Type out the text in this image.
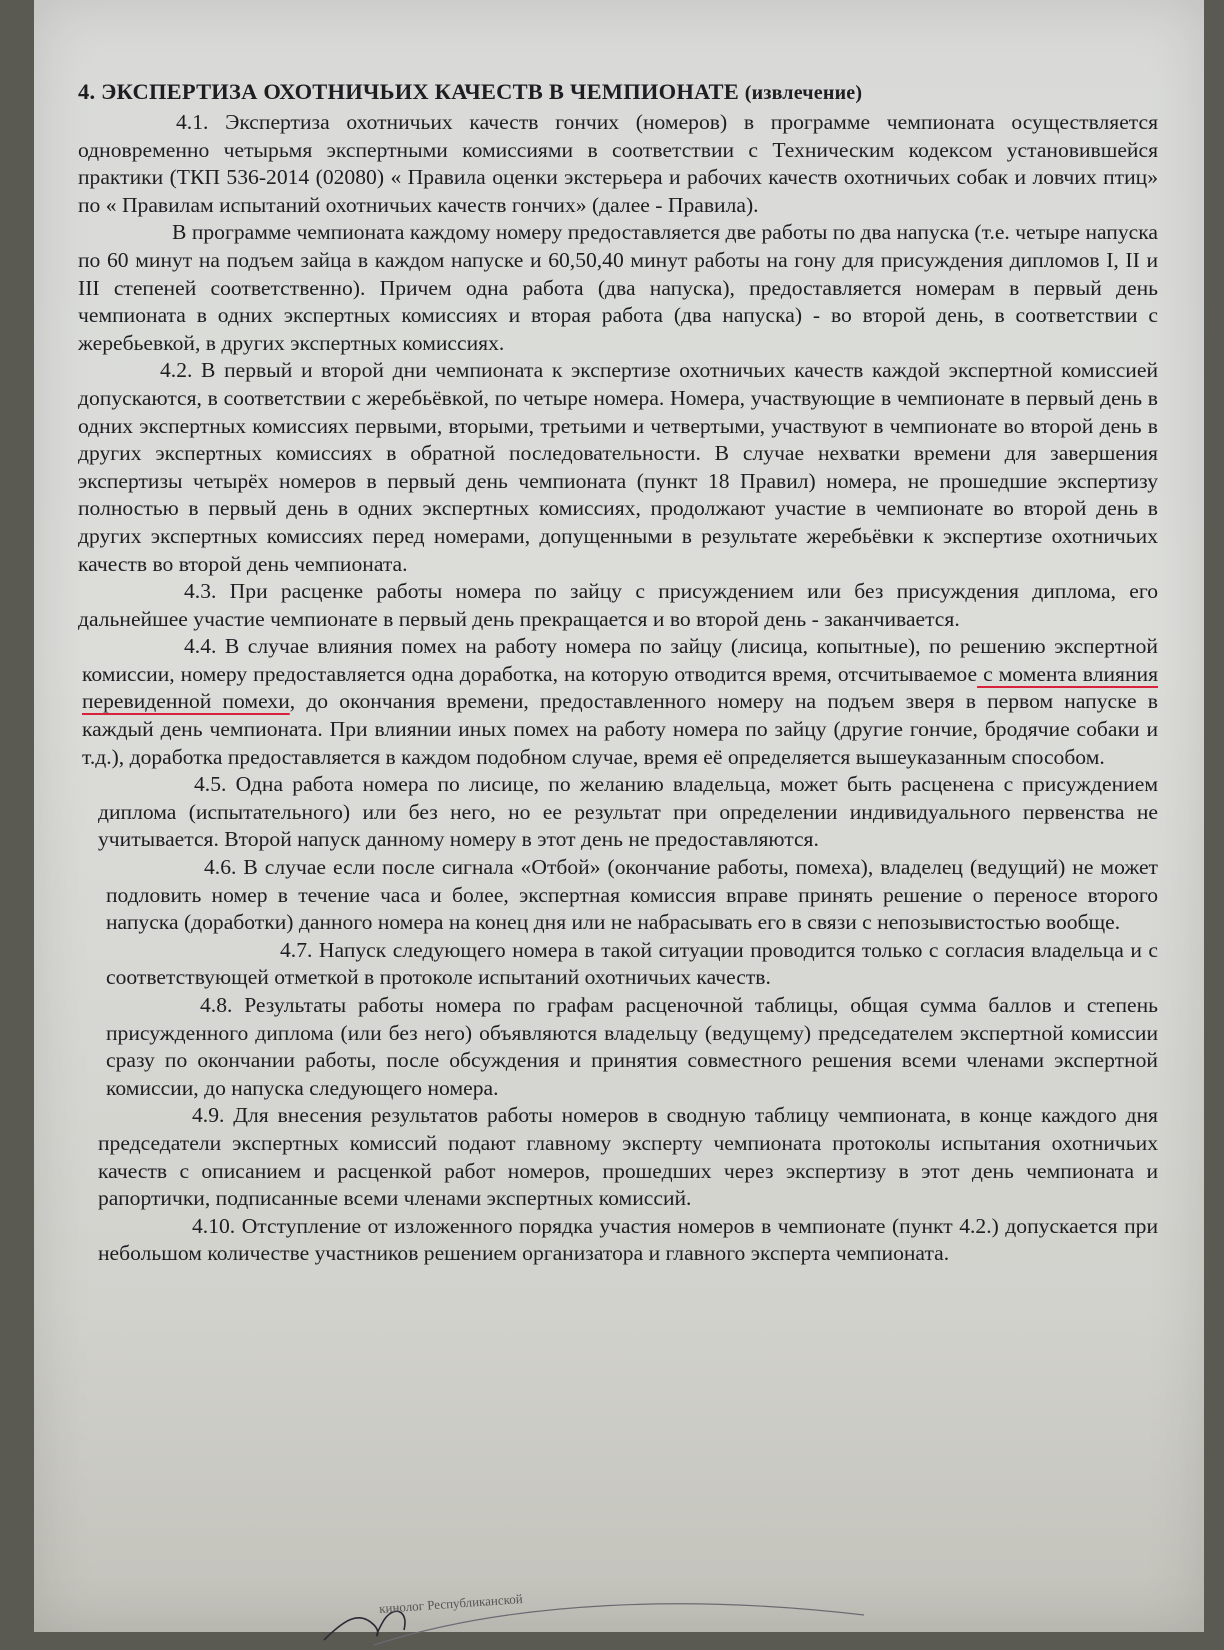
4. ЭКСПЕРТИЗА ОХОТНИЧЬИХ КАЧЕСТВ В ЧЕМПИОНАТЕ (извлечение)

4.1. Экспертиза охотничьих качеств гончих (номеров) в программе чемпионата осуществляется одновременно четырьмя экспертными комиссиями в соответствии с Техническим кодексом установившейся практики (ТКП 536-2014 (02080) « Правила оценки экстерьера и рабочих качеств охотничьих собак и ловчих птиц» по « Правилам испытаний охотничьих качеств гончих» (далее - Правила).

В программе чемпионата каждому номеру предоставляется две работы по два напуска (т.е. четыре напуска по 60 минут на подъем зайца в каждом напуске и 60,50,40 минут работы на гону для присуждения дипломов I, II и III степеней соответственно). Причем одна работа (два напуска), предоставляется номерам в первый день чемпионата в одних экспертных комиссиях и вторая работа (два напуска) - во второй день, в соответствии с жеребьевкой, в других экспертных комиссиях.

4.2. В первый и второй дни чемпионата к экспертизе охотничьих качеств каждой экспертной комиссией допускаются, в соответствии с жеребьёвкой, по четыре номера. Номера, участвующие в чемпионате в первый день в одних экспертных комиссиях первыми, вторыми, третьими и четвертыми, участвуют в чемпионате во второй день в других экспертных комиссиях в обратной последовательности. В случае нехватки времени для завершения экспертизы четырёх номеров в первый день чемпионата (пункт 18 Правил) номера, не прошедшие экспертизу полностью в первый день в одних экспертных комиссиях, продолжают участие в чемпионате во второй день в других экспертных комиссиях перед номерами, допущенными в результате жеребьёвки к экспертизе охотничьих качеств во второй день чемпионата.

4.3. При расценке работы номера по зайцу с присуждением или без присуждения диплома, его дальнейшее участие чемпионате в первый день прекращается и во второй день - заканчивается.

4.4. В случае влияния помех на работу номера по зайцу (лисица, копытные), по решению экспертной комиссии, номеру предоставляется одна доработка, на которую отводится время, отсчитываемое с момента влияния перевиденной помехи, до окончания времени, предоставленного номеру на подъем зверя в первом напуске в каждый день чемпионата. При влиянии иных помех на работу номера по зайцу (другие гончие, бродячие собаки и т.д.), доработка предоставляется в каждом подобном случае, время её определяется вышеуказанным способом.

4.5. Одна работа номера по лисице, по желанию владельца, может быть расценена с присуждением диплома (испытательного) или без него, но ее результат при определении индивидуального первенства не учитывается. Второй напуск данному номеру в этот день не предоставляются.

4.6. В случае если после сигнала «Отбой» (окончание работы, помеха), владелец (ведущий) не может подловить номер в течение часа и более, экспертная комиссия вправе принять решение о переносе второго напуска (доработки) данного номера на конец дня или не набрасывать его в связи с непозывистостью вообще.

4.7. Напуск следующего номера в такой ситуации проводится только с согласия владельца и с соответствующей отметкой в протоколе испытаний охотничьих качеств.

4.8. Результаты работы номера по графам расценочной таблицы, общая сумма баллов и степень присужденного диплома (или без него) объявляются владельцу (ведущему) председателем экспертной комиссии сразу по окончании работы, после обсуждения и принятия совместного решения всеми членами экспертной комиссии, до напуска следующего номера.

4.9. Для внесения результатов работы номеров в сводную таблицу чемпионата, в конце каждого дня председатели экспертных комиссий подают главному эксперту чемпионата протоколы испытания охотничьих качеств с описанием и расценкой работ номеров, прошедших через экспертизу в этот день чемпионата и рапортички, подписанные всеми членами экспертных комиссий.

4.10. Отступление от изложенного порядка участия номеров в чемпионате (пункт 4.2.) допускается при небольшом количестве участников решением организатора и главного эксперта чемпионата.

кинолог Республиканской
